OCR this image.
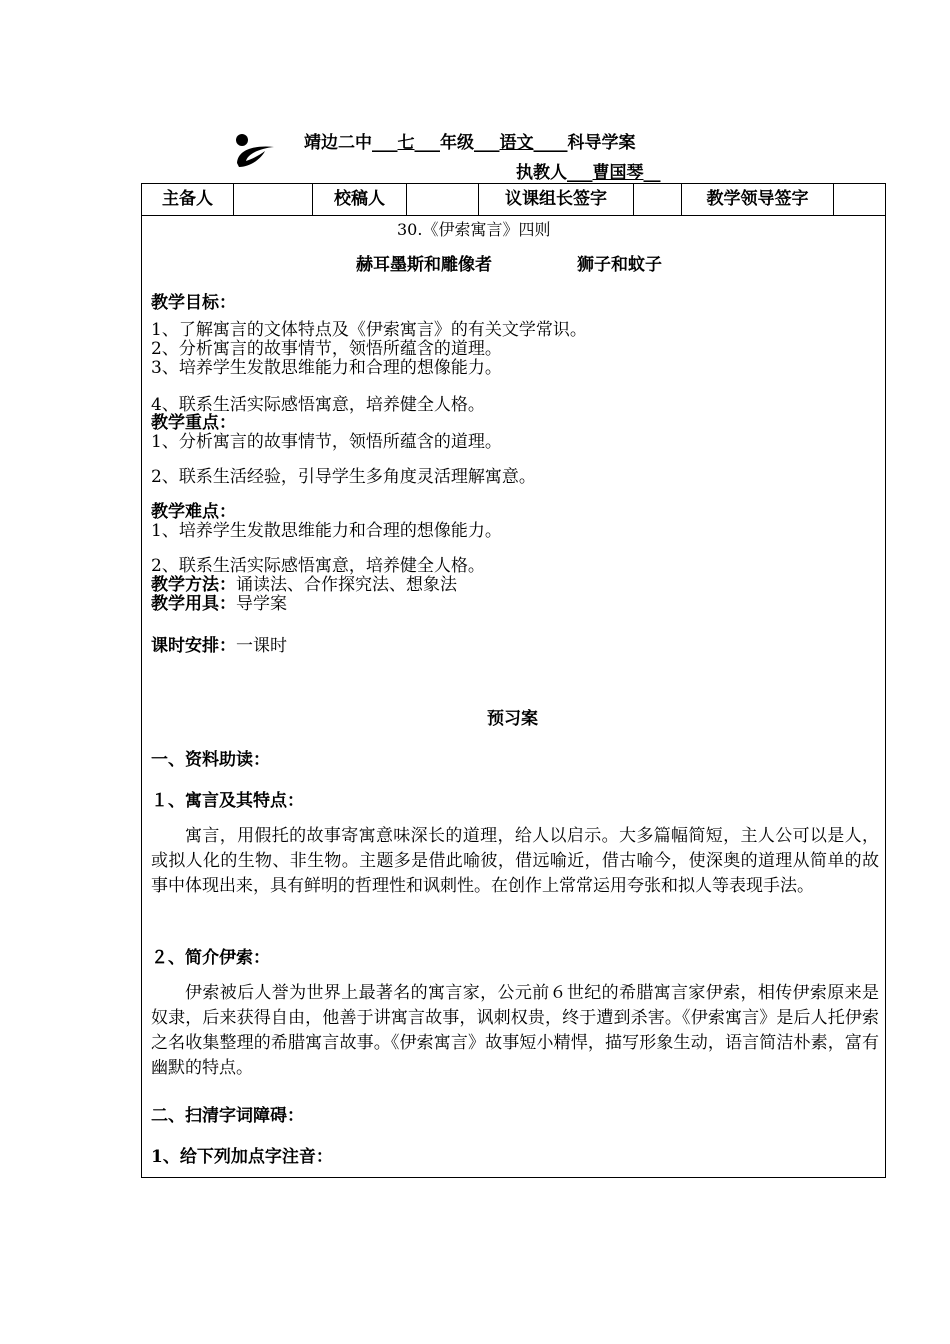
靖边二中___七___年级___语文____科导学案
执教人___曹国琴__
主备人	校稿人	议课组长签字	教学领导签字
30.《伊索寓言》四则
赫耳墨斯和雕像者	狮子和蚊子
教学目标：
1、了解寓言的文体特点及《伊索寓言》的有关文学常识。
2、分析寓言的故事情节，领悟所蕴含的道理。
3、培养学生发散思维能力和合理的想像能力。
4、联系生活实际感悟寓意，培养健全人格。
教学重点：
1、分析寓言的故事情节，领悟所蕴含的道理。
2、联系生活经验，引导学生多角度灵活理解寓意。
教学难点：
1、培养学生发散思维能力和合理的想像能力。
2、联系生活实际感悟寓意，培养健全人格。
教学方法：诵读法、合作探究法、想象法
教学用具：导学案
课时安排：一课时
预习案
一、资料助读：
１、寓言及其特点：
寓言，用假托的故事寄寓意味深长的道理，给人以启示。大多篇幅简短，主人公可以是人，或拟人化的生物、非生物。主题多是借此喻彼，借远喻近，借古喻今，使深奥的道理从简单的故事中体现出来，具有鲜明的哲理性和讽刺性。在创作上常常运用夸张和拟人等表现手法。
２、简介伊索：
伊索被后人誉为世界上最著名的寓言家，公元前６世纪的希腊寓言家伊索，相传伊索原来是奴隶，后来获得自由，他善于讲寓言故事，讽刺权贵，终于遭到杀害。《伊索寓言》是后人托伊索之名收集整理的希腊寓言故事。《伊索寓言》故事短小精悍，描写形象生动，语言简洁朴素，富有幽默的特点。
二、扫清字词障碍：
1、给下列加点字注音：
